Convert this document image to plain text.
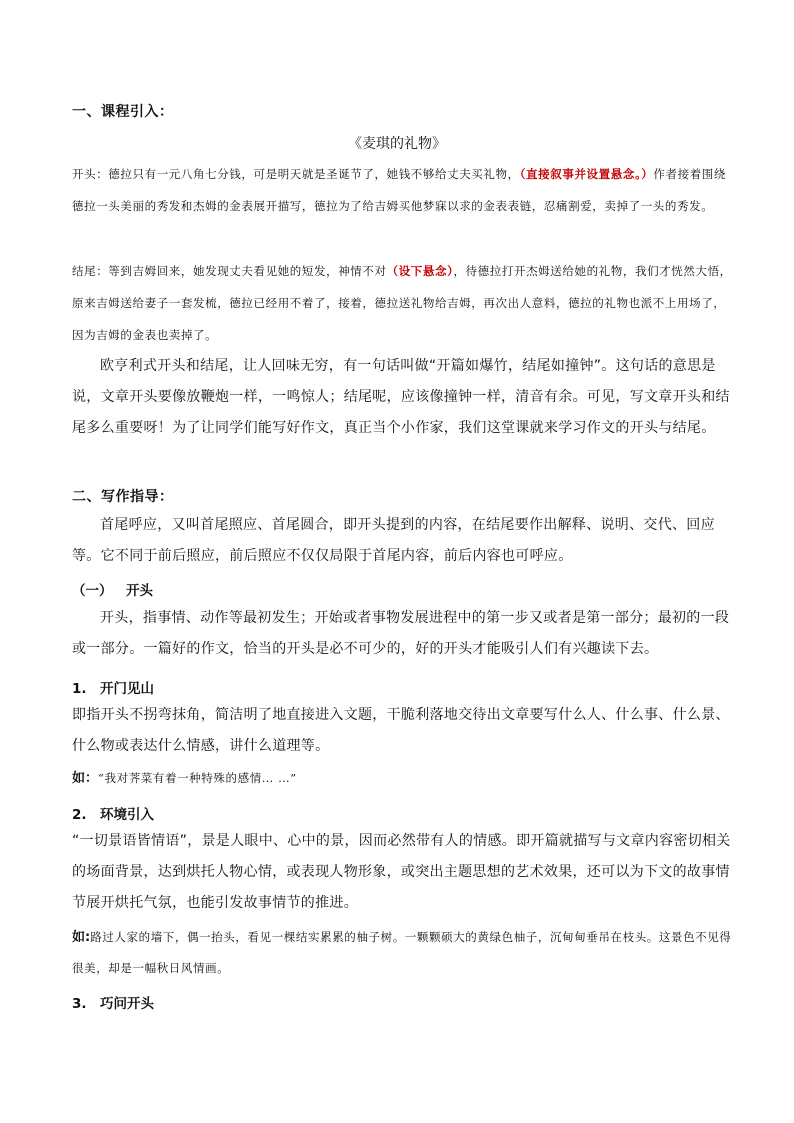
一、课程引入：
《麦琪的礼物》

开头：德拉只有一元八角七分钱，可是明天就是圣诞节了，她钱不够给丈夫买礼物，（直接叙事并设置悬念。）作者接着围绕德拉一头美丽的秀发和杰姆的金表展开描写，德拉为了给吉姆买他梦寐以求的金表表链，忍痛割爱，卖掉了一头的秀发。

结尾：等到吉姆回来，她发现丈夫看见她的短发，神情不对（设下悬念），待德拉打开杰姆送给她的礼物，我们才恍然大悟，原来吉姆送给妻子一套发梳，德拉已经用不着了，接着，德拉送礼物给吉姆，再次出人意料，德拉的礼物也派不上用场了，因为吉姆的金表也卖掉了。

欧亨利式开头和结尾，让人回味无穷，有一句话叫做“开篇如爆竹，结尾如撞钟”。这句话的意思是说，文章开头要像放鞭炮一样，一鸣惊人；结尾呢，应该像撞钟一样，清音有余。可见，写文章开头和结尾多么重要呀！为了让同学们能写好作文，真正当个小作家，我们这堂课就来学习作文的开头与结尾。

二、写作指导：

首尾呼应，又叫首尾照应、首尾圆合，即开头提到的内容，在结尾要作出解释、说明、交代、回应等。它不同于前后照应，前后照应不仅仅局限于首尾内容，前后内容也可呼应。

（一） 开头

开头，指事情、动作等最初发生；开始或者事物发展进程中的第一步又或者是第一部分；最初的一段或一部分。一篇好的作文，恰当的开头是必不可少的，好的开头才能吸引人们有兴趣读下去。

1. 开门见山

即指开头不拐弯抹角，简洁明了地直接进入文题，干脆利落地交待出文章要写什么人、什么事、什么景、什么物或表达什么情感，讲什么道理等。

如：“我对荠菜有着一种特殊的感情… …”

2. 环境引入

“一切景语皆情语”，景是人眼中、心中的景，因而必然带有人的情感。即开篇就描写与文章内容密切相关的场面背景，达到烘托人物心情，或表现人物形象，或突出主题思想的艺术效果，还可以为下文的故事情节展开烘托气氛，也能引发故事情节的推进。

如:路过人家的墙下，偶一抬头，看见一棵结实累累的柚子树。一颗颗硕大的黄绿色柚子，沉甸甸垂吊在枝头。这景色不见得很美，却是一幅秋日风情画。

3. 巧问开头
